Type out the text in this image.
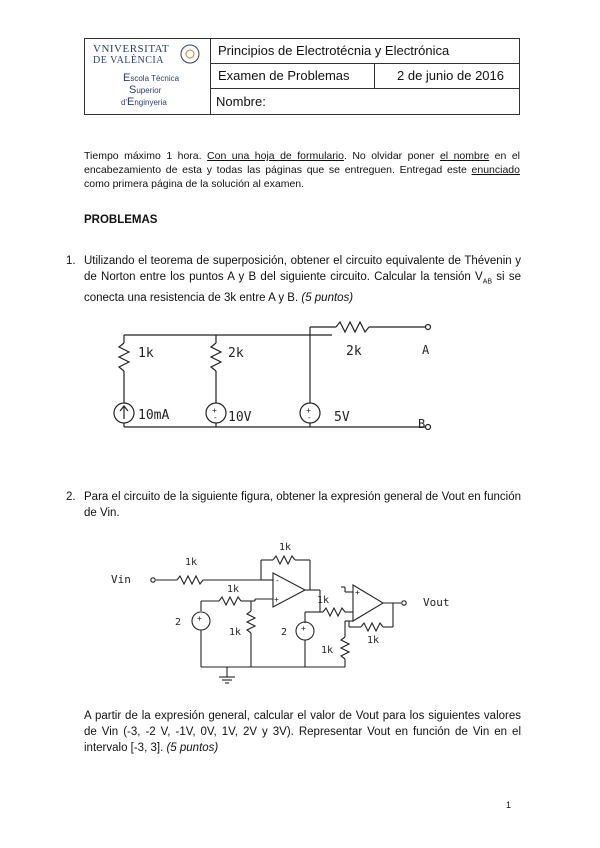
VNIVERSITAT
DE VALÈNCIA
Escola Tècnica
Superior
d'Enginyeria
Principios de Electrotécnia y Electrónica
Examen de Problemas	2 de junio de 2016
Nombre:
Tiempo máximo 1 hora. Con una hoja de formulario. No olvidar poner el nombre en el encabezamiento de esta y todas las páginas que se entreguen. Entregad este enunciado como primera página de la solución al examen.
PROBLEMAS
1. Utilizando el teorema de superposición, obtener el circuito equivalente de Thévenin y de Norton entre los puntos A y B del siguiente circuito. Calcular la tensión $V_{AB}$ si se conecta una resistencia de 3k entre A y B. (5 puntos)
+
-
+
-
1k	2k	2k
10mA	10V	5V
A
B
2. Para el circuito de la siguiente figura, obtener la expresión general de Vout en función de Vin.
-
+
+
-
+
+
Vin
Vout
1k
1k
1k
1k
1k
1k
1k
2
2
A partir de la expresión general, calcular el valor de Vout para los siguientes valores de Vin (-3, -2 V, -1V, 0V, 1V, 2V y 3V). Representar Vout en función de Vin en el intervalo [-3, 3]. (5 puntos)
1
